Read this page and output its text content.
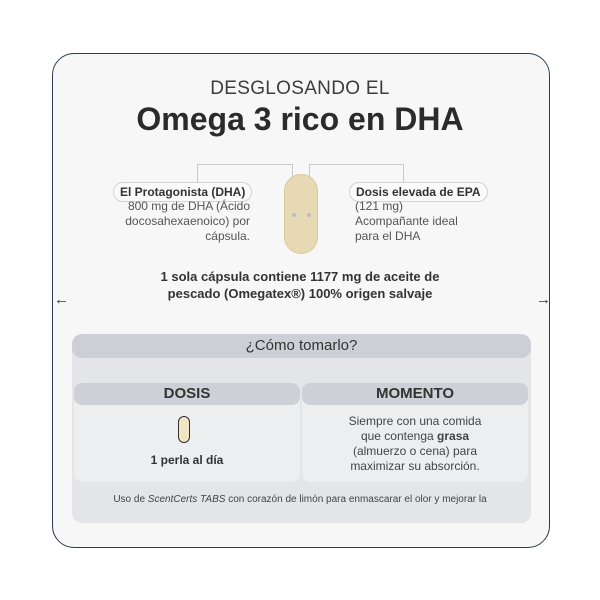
←	→
DESGLOSANDO EL
Omega 3 rico en DHA
El Protagonista (DHA)
800 mg de DHA (Ácido
docosahexaenoico) por
cápsula.
Dosis elevada de EPA
(121 mg)
Acompañante ideal
para el DHA
1 sola cápsula contiene 1177 mg de aceite de
pescado (Omegatex®) 100% origen salvaje
¿Cómo tomarlo?
DOSIS	MOMENTO
1 perla al día
Siempre con una comida
que contenga grasa
(almuerzo o cena) para
maximizar su absorción.
Uso de ScentCerts TABS con corazón de limón para enmascarar el olor y mejorar la
